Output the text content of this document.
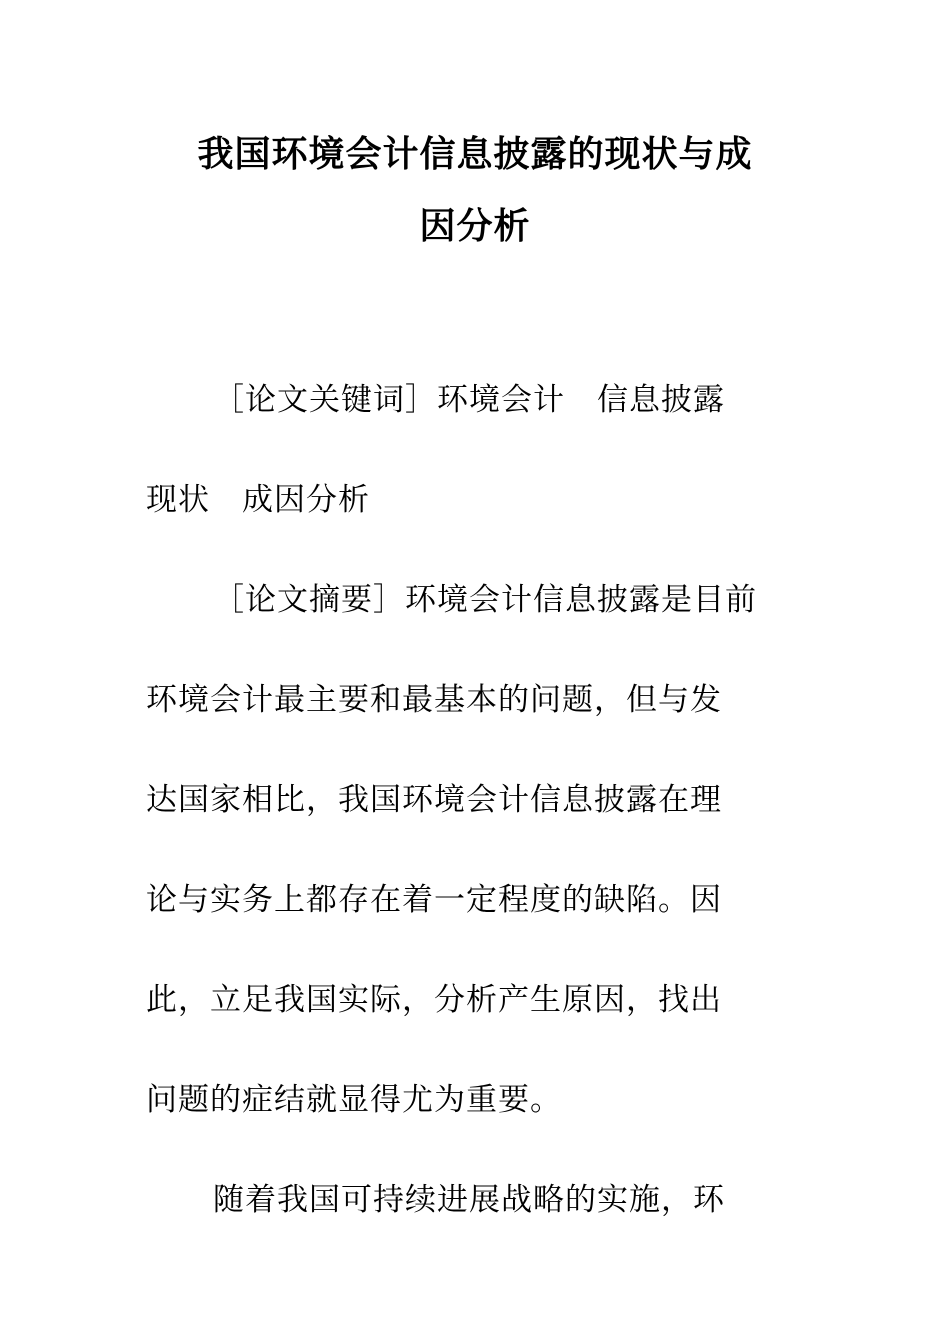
我国环境会计信息披露的现状与成
因分析
［论文关键词］环境会计　信息披露
现状　成因分析
［论文摘要］环境会计信息披露是目前
环境会计最主要和最基本的问题，但与发
达国家相比，我国环境会计信息披露在理
论与实务上都存在着一定程度的缺陷。因
此，立足我国实际，分析产生原因，找出
问题的症结就显得尤为重要。
随着我国可持续进展战略的实施，环
